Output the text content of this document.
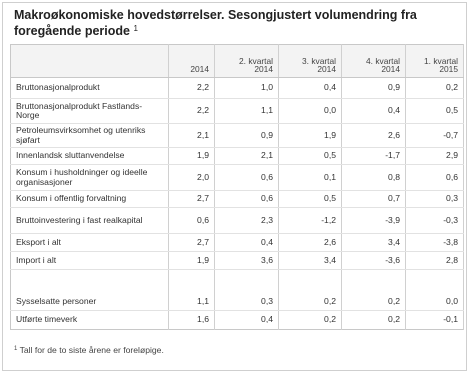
Makroøkonomiske hovedstørrelser. Sesongjustert volumendring fra foregående periode $^1$
	2014	2. kvartal 2014	3. kvartal 2014	4. kvartal 2014	1. kvartal 2015
Bruttonasjonalprodukt	2,2	1,0	0,4	0,9	0,2
Bruttonasjonalprodukt Fastlands-Norge	2,2	1,1	0,0	0,4	0,5
Petroleumsvirksomhet og utenriks sjøfart	2,1	0,9	1,9	2,6	-0,7
Innenlandsk sluttanvendelse	1,9	2,1	0,5	-1,7	2,9
Konsum i husholdninger og ideelle organisasjoner	2,0	0,6	0,1	0,8	0,6
Konsum i offentlig forvaltning	2,7	0,6	0,5	0,7	0,3
Bruttoinvestering i fast realkapital	0,6	2,3	-1,2	-3,9	-0,3
Eksport i alt	2,7	0,4	2,6	3,4	-3,8
Import i alt	1,9	3,6	3,4	-3,6	2,8

Sysselsatte personer	1,1	0,3	0,2	0,2	0,0
Utførte timeverk	1,6	0,4	0,2	0,2	-0,1
$^1$ Tall for de to siste årene er foreløpige.
